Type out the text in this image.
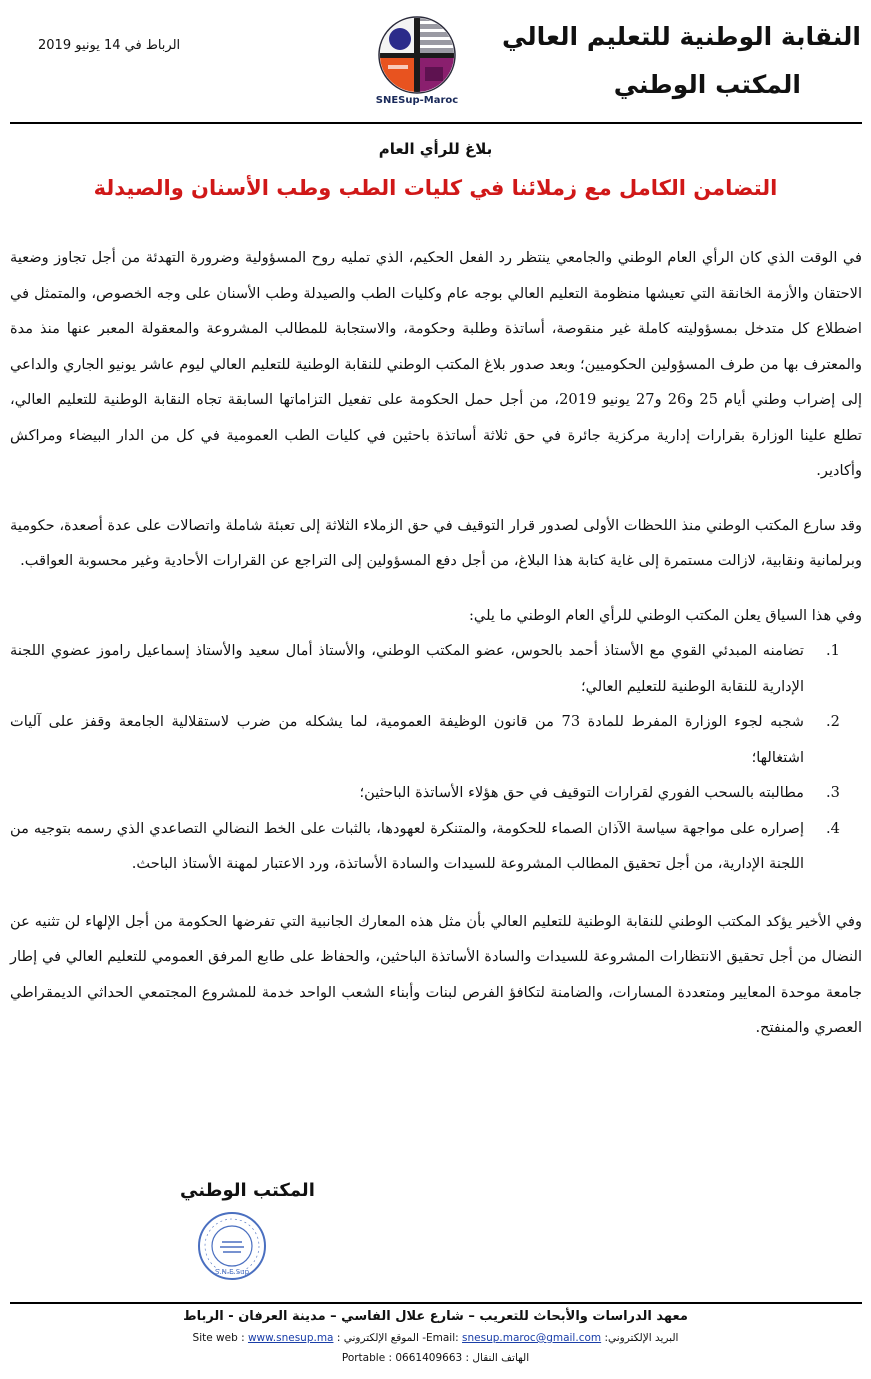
النقابة الوطنية للتعليم العالي
المكتب الوطني
الرباط في 14 يونيو 2019
SNESup-Maroc
بلاغ للرأي العام
التضامن الكامل مع زملائنا في كليات الطب وطب الأسنان والصيدلة

في الوقت الذي كان الرأي العام الوطني والجامعي ينتظر رد الفعل الحكيم، الذي تمليه روح المسؤولية وضرورة التهدئة من أجل تجاوز وضعية الاحتقان والأزمة الخانقة التي تعيشها منظومة التعليم العالي بوجه عام وكليات الطب والصيدلة وطب الأسنان على وجه الخصوص، والمتمثل في اضطلاع كل متدخل بمسؤوليته كاملة غير منقوصة، أساتذة وطلبة وحكومة، والاستجابة للمطالب المشروعة والمعقولة المعبر عنها منذ مدة والمعترف بها من طرف المسؤولين الحكوميين؛ وبعد صدور بلاغ المكتب الوطني للنقابة الوطنية للتعليم العالي ليوم عاشر يونيو الجاري والداعي إلى إضراب وطني أيام 25 و26 و27 يونيو 2019، من أجل حمل الحكومة على تفعيل التزاماتها السابقة تجاه النقابة الوطنية للتعليم العالي، تطلع علينا الوزارة بقرارات إدارية مركزية جائرة في حق ثلاثة أساتذة باحثين في كليات الطب العمومية في كل من الدار البيضاء ومراكش وأكادير.

وقد سارع المكتب الوطني منذ اللحظات الأولى لصدور قرار التوقيف في حق الزملاء الثلاثة إلى تعبئة شاملة واتصالات على عدة أصعدة، حكومية وبرلمانية ونقابية، لازالت مستمرة إلى غاية كتابة هذا البلاغ، من أجل دفع المسؤولين إلى التراجع عن القرارات الأحادية وغير محسوبة العواقب.

وفي هذا السياق يعلن المكتب الوطني للرأي العام الوطني ما يلي:

1.
تضامنه المبدئي القوي مع الأستاذ أحمد بالحوس، عضو المكتب الوطني، والأستاذ أمال سعيد والأستاذ إسماعيل راموز عضوي اللجنة الإدارية للنقابة الوطنية للتعليم العالي؛
2.
شجبه لجوء الوزارة المفرط للمادة 73 من قانون الوظيفة العمومية، لما يشكله من ضرب لاستقلالية الجامعة وقفز على آليات اشتغالها؛
3.
مطالبته بالسحب الفوري لقرارات التوقيف في حق هؤلاء الأساتذة الباحثين؛
4.
إصراره على مواجهة سياسة الآذان الصماء للحكومة، والمتنكرة لعهودها، بالثبات على الخط النضالي التصاعدي الذي رسمه بتوجيه من اللجنة الإدارية، من أجل تحقيق المطالب المشروعة للسيدات والسادة الأساتذة، ورد الاعتبار لمهنة الأستاذ الباحث.

وفي الأخير يؤكد المكتب الوطني للنقابة الوطنية للتعليم العالي بأن مثل هذه المعارك الجانبية التي تفرضها الحكومة من أجل الإلهاء لن تثنيه عن النضال من أجل تحقيق الانتظارات المشروعة للسيدات والسادة الأساتذة الباحثين، والحفاظ على طابع المرفق العمومي للتعليم العالي في إطار جامعة موحدة المعايير ومتعددة المسارات، والضامنة لتكافؤ الفرص لبنات وأبناء الشعب الواحد خدمة للمشروع المجتمعي الحداثي الديمقراطي العصري والمنفتح.

المكتب الوطني
S.N.E.Sup
معهد الدراسات والأبحاث للتعريب – شارع علال الفاسي – مدينة العرفان - الرباط
Site web : www.snesup.ma الموقع الإلكتروني : -Email: snesup.maroc@gmail.com البريد الإلكتروني:
Portable : 0661409663 الهاتف النقال :
